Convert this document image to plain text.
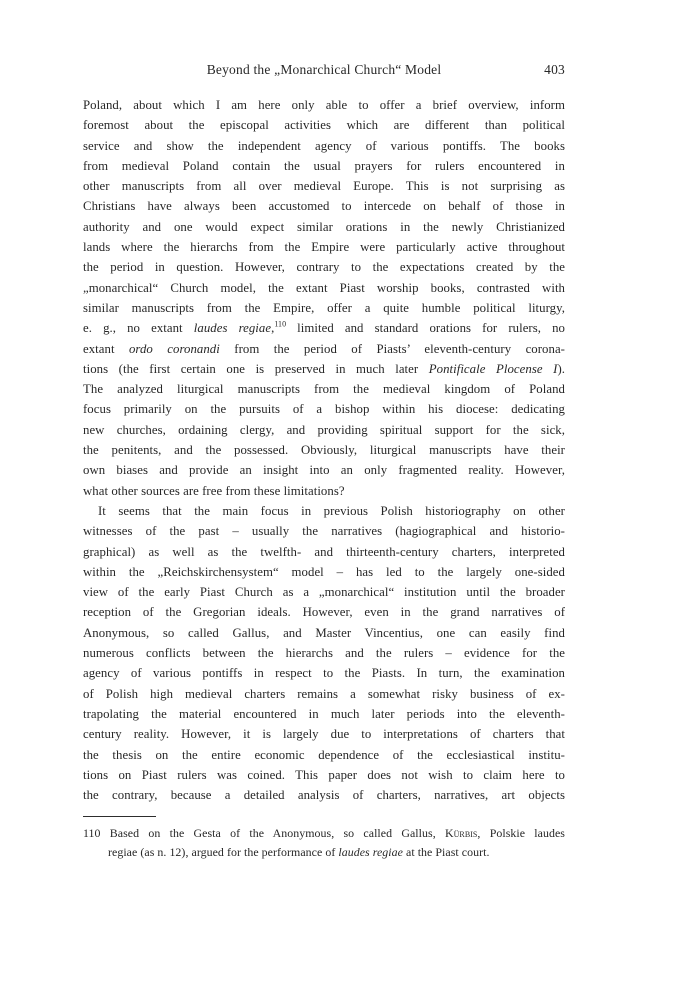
Beyond the „Monarchical Church“ Model	403
Poland, about which I am here only able to offer a brief overview, inform
foremost about the episcopal activities which are different than political
service and show the independent agency of various pontiffs. The books
from medieval Poland contain the usual prayers for rulers encountered in
other manuscripts from all over medieval Europe. This is not surprising as
Christians have always been accustomed to intercede on behalf of those in
authority and one would expect similar orations in the newly Christianized
lands where the hierarchs from the Empire were particularly active throughout
the period in question. However, contrary to the expectations created by the
„monarchical“ Church model, the extant Piast worship books, contrasted with
similar manuscripts from the Empire, offer a quite humble political liturgy,
e. g., no extant laudes regiae,$^{110}$ limited and standard orations for rulers, no
extant ordo coronandi from the period of Piasts’ eleventh-century corona-
tions (the first certain one is preserved in much later Pontificale Plocense I).
The analyzed liturgical manuscripts from the medieval kingdom of Poland
focus primarily on the pursuits of a bishop within his diocese: dedicating
new churches, ordaining clergy, and providing spiritual support for the sick,
the penitents, and the possessed. Obviously, liturgical manuscripts have their
own biases and provide an insight into an only fragmented reality. However,
what other sources are free from these limitations?
It seems that the main focus in previous Polish historiography on other
witnesses of the past – usually the narratives (hagiographical and historio-
graphical) as well as the twelfth- and thirteenth-century charters, interpreted
within the „Reichskirchensystem“ model – has led to the largely one-sided
view of the early Piast Church as a „monarchical“ institution until the broader
reception of the Gregorian ideals. However, even in the grand narratives of
Anonymous, so called Gallus, and Master Vincentius, one can easily find
numerous conflicts between the hierarchs and the rulers – evidence for the
agency of various pontiffs in respect to the Piasts. In turn, the examination
of Polish high medieval charters remains a somewhat risky business of ex-
trapolating the material encountered in much later periods into the eleventh-
century reality. However, it is largely due to interpretations of charters that
the thesis on the entire economic dependence of the ecclesiastical institu-
tions on Piast rulers was coined. This paper does not wish to claim here to
the contrary, because a detailed analysis of charters, narratives, art objects
110 Based on the Gesta of the Anonymous, so called Gallus, Kürbis, Polskie laudes
regiae (as n. 12), argued for the performance of laudes regiae at the Piast court.
